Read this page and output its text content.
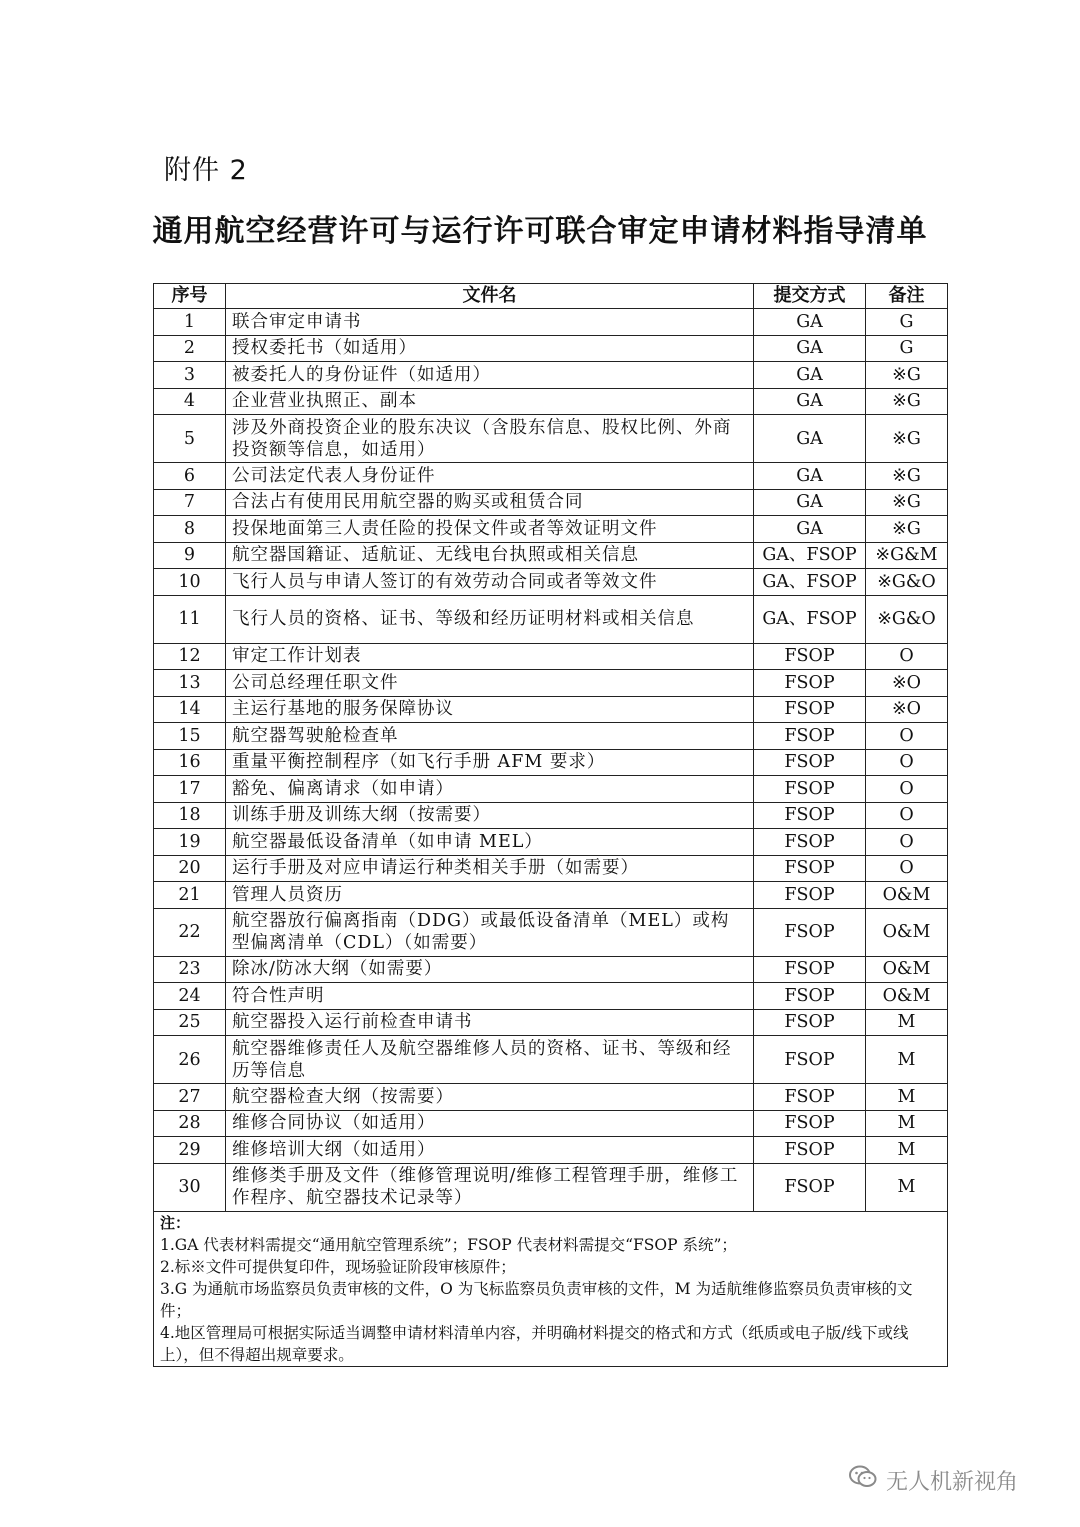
附件 2
通用航空经营许可与运行许可联合审定申请材料指导清单
序号	文件名	提交方式	备注
1	联合审定申请书	GA	G
2	授权委托书（如适用）	GA	G
3	被委托人的身份证件（如适用）	GA	※G
4	企业营业执照正、副本	GA	※G
5	涉及外商投资企业的股东决议（含股东信息、股权比例、外商投资额等信息，如适用）	GA	※G
6	公司法定代表人身份证件	GA	※G
7	合法占有使用民用航空器的购买或租赁合同	GA	※G
8	投保地面第三人责任险的投保文件或者等效证明文件	GA	※G
9	航空器国籍证、适航证、无线电台执照或相关信息	GA、FSOP	※G&M
10	飞行人员与申请人签订的有效劳动合同或者等效文件	GA、FSOP	※G&O
11	飞行人员的资格、证书、等级和经历证明材料或相关信息	GA、FSOP	※G&O
12	审定工作计划表	FSOP	O
13	公司总经理任职文件	FSOP	※O
14	主运行基地的服务保障协议	FSOP	※O
15	航空器驾驶舱检查单	FSOP	O
16	重量平衡控制程序（如飞行手册 AFM 要求）	FSOP	O
17	豁免、偏离请求（如申请）	FSOP	O
18	训练手册及训练大纲（按需要）	FSOP	O
19	航空器最低设备清单（如申请 MEL）	FSOP	O
20	运行手册及对应申请运行种类相关手册（如需要）	FSOP	O
21	管理人员资历	FSOP	O&M
22	航空器放行偏离指南（DDG）或最低设备清单（MEL）或构型偏离清单（CDL）（如需要）	FSOP	O&M
23	除冰/防冰大纲（如需要）	FSOP	O&M
24	符合性声明	FSOP	O&M
25	航空器投入运行前检查申请书	FSOP	M
26	航空器维修责任人及航空器维修人员的资格、证书、等级和经历等信息	FSOP	M
27	航空器检查大纲（按需要）	FSOP	M
28	维修合同协议（如适用）	FSOP	M
29	维修培训大纲（如适用）	FSOP	M
30	维修类手册及文件（维修管理说明/维修工程管理手册，维修工作程序、航空器技术记录等）	FSOP	M

注：
1.GA 代表材料需提交“通用航空管理系统”；FSOP 代表材料需提交“FSOP 系统”；
2.标※文件可提供复印件，现场验证阶段审核原件；
3.G 为通航市场监察员负责审核的文件，O 为飞标监察员负责审核的文件，M 为适航维修监察员负责审核的文件；
4.地区管理局可根据实际适当调整申请材料清单内容，并明确材料提交的格式和方式（纸质或电子版/线下或线上），但不得超出规章要求。			
无人机新视角
